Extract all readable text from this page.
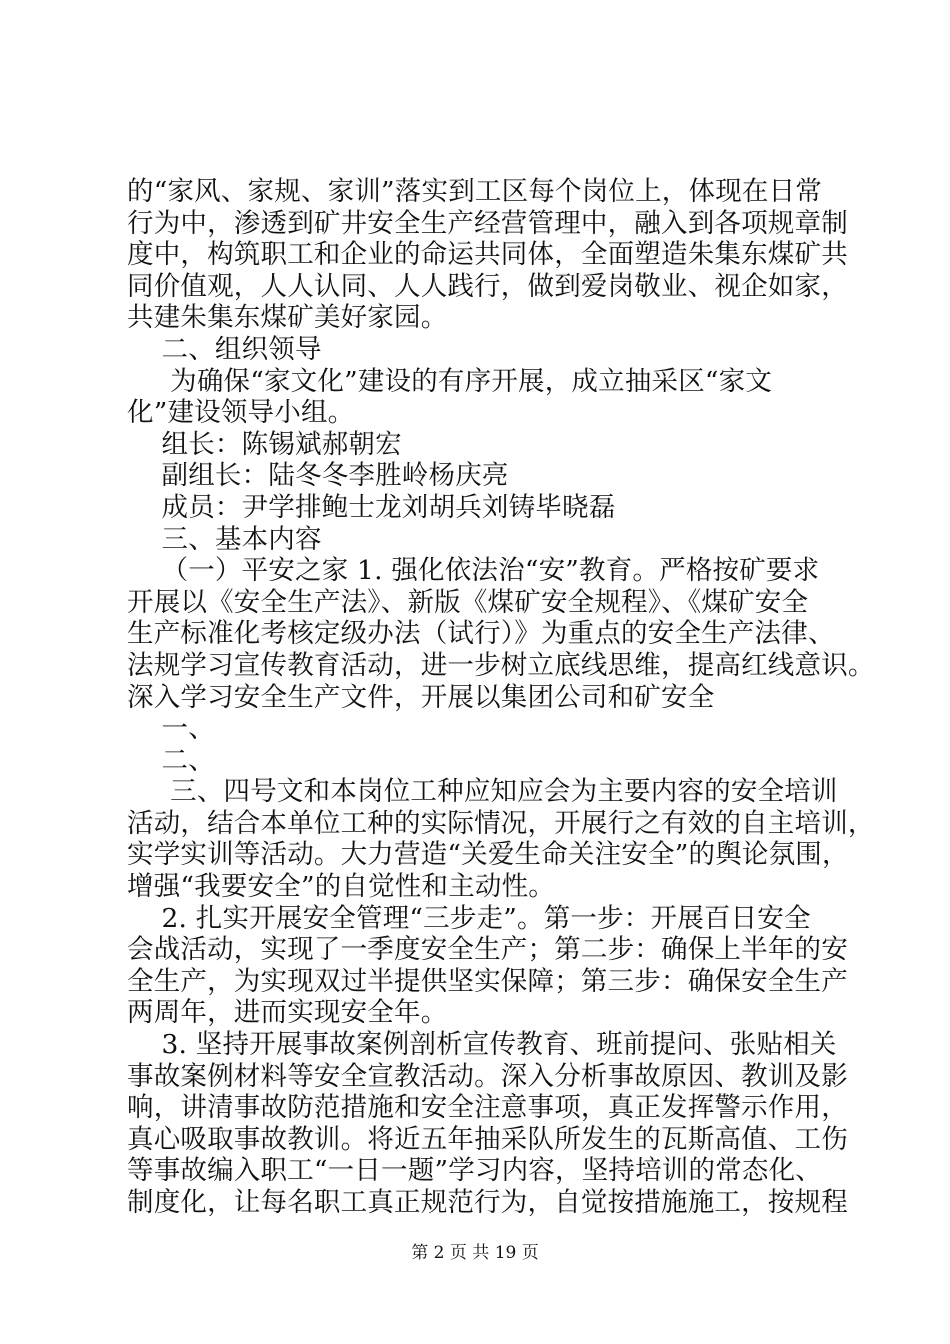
的“家风、家规、家训”落实到工区每个岗位上，体现在日常
行为中，渗透到矿井安全生产经营管理中，融入到各项规章制
度中，构筑职工和企业的命运共同体，全面塑造朱集东煤矿共
同价值观，人人认同、人人践行，做到爱岗敬业、视企如家，
共建朱集东煤矿美好家园。
二、组织领导
为确保“家文化”建设的有序开展，成立抽采区“家文
化”建设领导小组。
组长：陈锡斌郝朝宏
副组长：陆冬冬李胜岭杨庆亮
成员：尹学排鲍士龙刘胡兵刘铸毕晓磊
三、基本内容
（一）平安之家 1. 强化依法治“安”教育。严格按矿要求
开展以《安全生产法》、新版《煤矿安全规程》、《煤矿安全
生产标准化考核定级办法（试行）》为重点的安全生产法律、
法规学习宣传教育活动，进一步树立底线思维，提高红线意识。
深入学习安全生产文件，开展以集团公司和矿安全
一、
二、
三、四号文和本岗位工种应知应会为主要内容的安全培训
活动，结合本单位工种的实际情况，开展行之有效的自主培训，
实学实训等活动。大力营造“关爱生命关注安全”的舆论氛围，
增强“我要安全”的自觉性和主动性。
2. 扎实开展安全管理“三步走”。第一步：开展百日安全
会战活动，实现了一季度安全生产；第二步：确保上半年的安
全生产，为实现双过半提供坚实保障；第三步：确保安全生产
两周年，进而实现安全年。
3. 坚持开展事故案例剖析宣传教育、班前提问、张贴相关
事故案例材料等安全宣教活动。深入分析事故原因、教训及影
响，讲清事故防范措施和安全注意事项，真正发挥警示作用，
真心吸取事故教训。将近五年抽采队所发生的瓦斯高值、工伤
等事故编入职工“一日一题”学习内容，坚持培训的常态化、
制度化，让每名职工真正规范行为，自觉按措施施工，按规程
第 2 页 共 19 页
